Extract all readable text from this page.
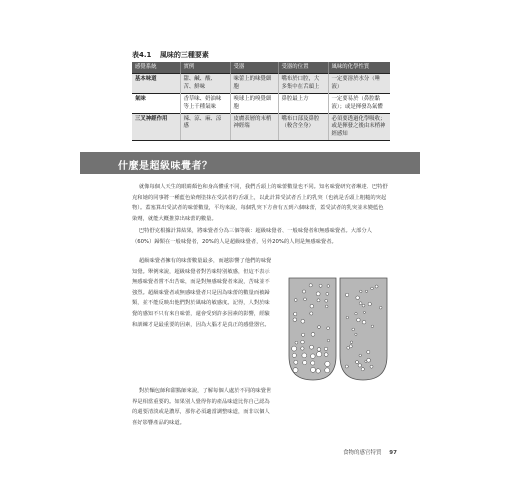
表4.1 風味的三種要素
感覺系統	實例	受器	受器的位置	風味的化學性質
基本味道	甜、鹹、酸、苦、鮮味	味蕾上的味覺細胞	嘴布於口腔，大多集中在舌頭上	一定要溶於水分（唾液）
氣味	香草味、奶油味等上千種氣味	嗅球上的嗅覺細胞	鼻腔最上方	一定要易於（鼻腔黏液）；或是揮發為氣體
三叉神經作用	辣、涼、麻、涼感	皮膚表層的末梢神經端	嘴布口部及鼻腔（較含全身）	必須要透過化學吸收；或是揮發之後由末梢神經感知
什麼是超級味覺者？

就像每個人天生的眼睛顏色和身高體重不同，我們舌頭上的味蕾數量也不同。知名味覺研究者琳達．巴特舒克和她的同事將一種藍色染劑塗抹在受試者的舌頭上，以此計算受試者舌上的乳突（也就是舌頭上粗糙的突起物）。蓋塞算出受試者的味蕾數量，平均來說，每個乳突下方會有五到六個味蕾，蓋受試者的乳突並未變藍色染劑，就能大概推算出味蕾的數量。

巴特舒克根據計算結果，將味覺者分為三個等級：超級味覺者、一般味覺者和無感味覺者。大部分人（60%）歸類在一般味覺者，20%的人是超級味覺者，另外20%的人則是無感味覺者。

超級味覺者擁有的味蕾數量最多，而越影響了他們的味覺知覺。舉例來說，超級味覺者對苦味特別敏感，但這不表示無感味覺者嘗不出苦味，而是對無感味覺者來說，苦味並不強烈。超級味覺者或無感味覺者只是因為味蕾的數量而被歸類，並不能反映出他們對於風味的敏感度。記得，人對於味覺的感知不只有來自味蕾，還會受到許多因素的影響，經驗和訓練才是最重要的因素，因為大腦才是真正的感覺器官。

對於麵包師和甜點師來說，了解每個人處於不同的味覺世界是相當重要的。如果別人覺得你的產品味道比你自己認為的還要清淡或是濃厚，那你必須適當調整味道，而非以個人喜好影響產品的味道。

食物的感官特質 97
